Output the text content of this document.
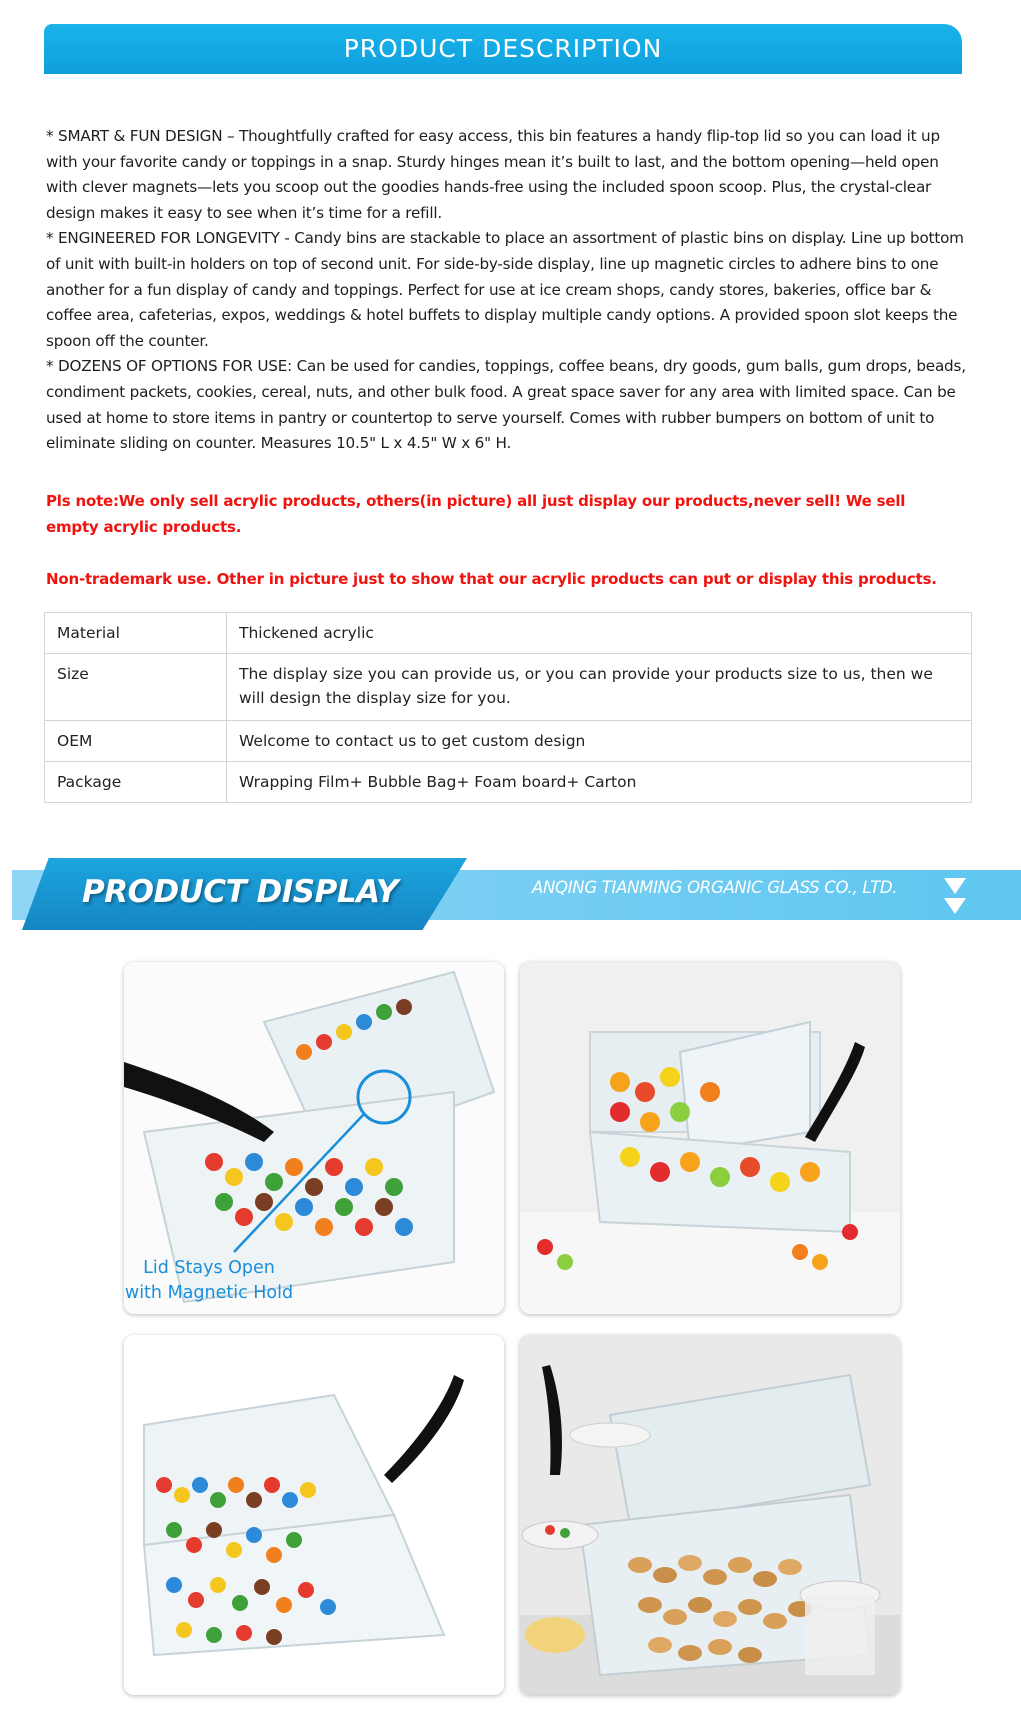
PRODUCT DESCRIPTION

* SMART & FUN DESIGN – Thoughtfully crafted for easy access, this bin features a handy flip-top lid so you can load it up with your favorite candy or toppings in a snap. Sturdy hinges mean it’s built to last, and the bottom opening—held open with clever magnets—lets you scoop out the goodies hands-free using the included spoon scoop. Plus, the crystal-clear design makes it easy to see when it’s time for a refill.

* ENGINEERED FOR LONGEVITY - Candy bins are stackable to place an assortment of plastic bins on display. Line up bottom of unit with built-in holders on top of second unit. For side-by-side display, line up magnetic circles to adhere bins to one another for a fun display of candy and toppings. Perfect for use at ice cream shops, candy stores, bakeries, office bar & coffee area, cafeterias, expos, weddings & hotel buffets to display multiple candy options. A provided spoon slot keeps the spoon off the counter.

* DOZENS OF OPTIONS FOR USE: Can be used for candies, toppings, coffee beans, dry goods, gum balls, gum drops, beads, condiment packets, cookies, cereal, nuts, and other bulk food. A great space saver for any area with limited space. Can be used at home to store items in pantry or countertop to serve yourself. Comes with rubber bumpers on bottom of unit to eliminate sliding on counter. Measures 10.5" L x 4.5" W x 6" H.

Pls note:We only sell acrylic products, others(in picture) all just display our products,never sell! We sell empty acrylic products.
Non-trademark use. Other in picture just to show that our acrylic products can put or display this products.
Material	Thickened acrylic
Size	The display size you can provide us, or you can provide your products size to us, then we will design the display size for you.
OEM	Welcome to contact us to get custom design
Package	Wrapping Film+ Bubble Bag+ Foam board+ Carton
PRODUCT DISPLAY	ANQING TIANMING ORGANIC GLASS CO., LTD.
Lid Stays Open
with Magnetic Hold
